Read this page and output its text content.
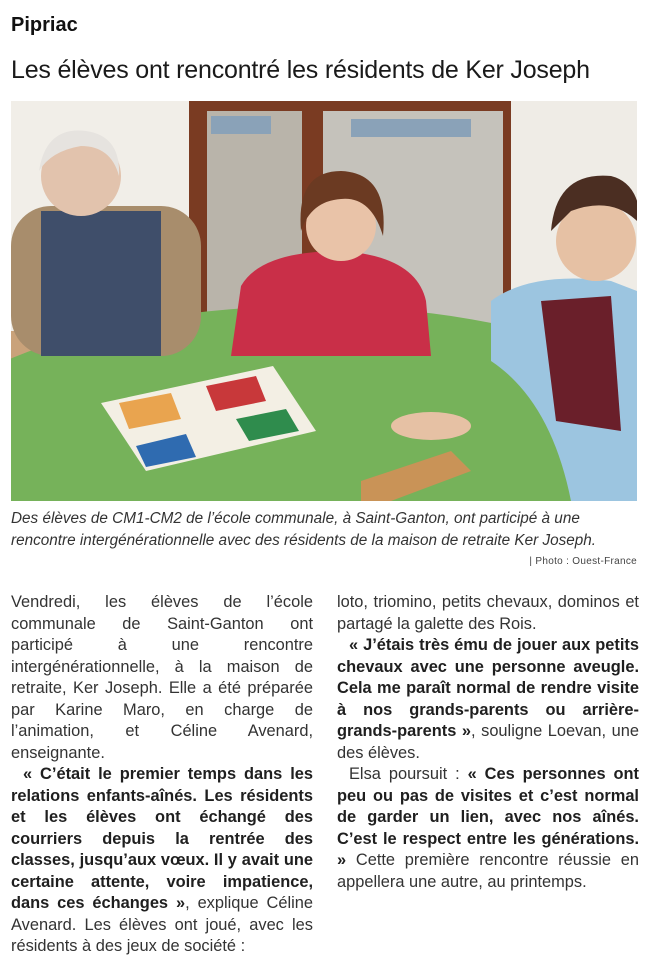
Pipriac
Les élèves ont rencontré les résidents de Ker Joseph
Des élèves de CM1-CM2 de l’école communale, à Saint-Ganton, ont participé à une rencontre intergénérationnelle avec des résidents de la maison de retraite Ker Joseph.
| Photo : Ouest-France

Vendredi, les élèves de l’école communale de Saint-Ganton ont participé à une rencontre intergénérationnelle, à la maison de retraite, Ker Joseph. Elle a été préparée par Karine Maro, en charge de l’animation, et Céline Avenard, enseignante.

« C’était le premier temps dans les relations enfants-aînés. Les résidents et les élèves ont échangé des courriers depuis la rentrée des classes, jusqu’aux vœux. Il y avait une certaine attente, voire impatience, dans ces échanges », explique Céline Avenard. Les élèves ont joué, avec les résidents à des jeux de société :

loto, triomino, petits chevaux, dominos et partagé la galette des Rois.

« J’étais très ému de jouer aux petits chevaux avec une personne aveugle. Cela me paraît normal de rendre visite à nos grands-parents ou arrière-grands-parents », souligne Loevan, une des élèves.

Elsa poursuit : « Ces personnes ont peu ou pas de visites et c’est normal de garder un lien, avec nos aînés. C’est le respect entre les générations. » Cette première rencontre réussie en appellera une autre, au printemps.
